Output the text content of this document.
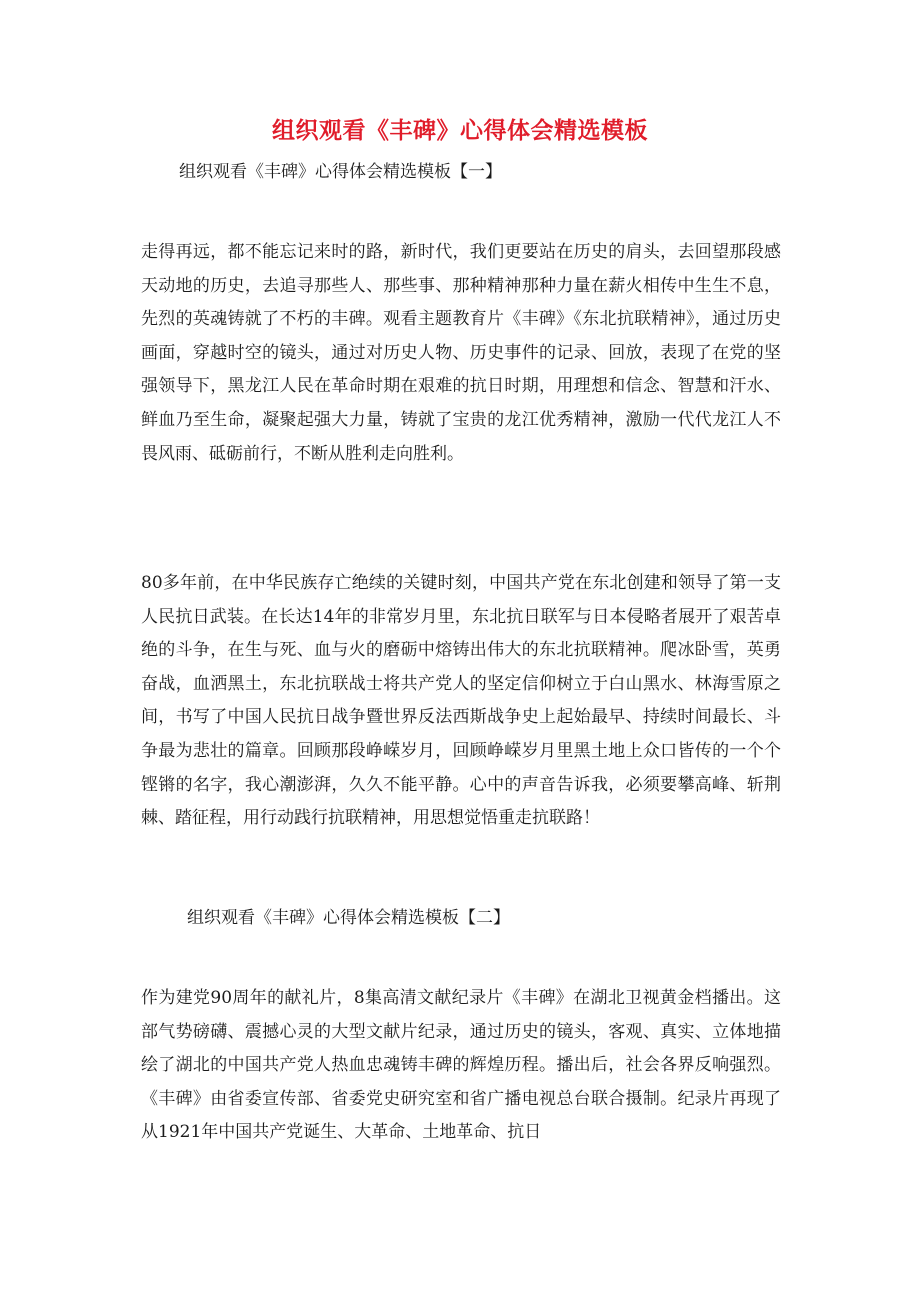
组织观看《丰碑》心得体会精选模板
组织观看《丰碑》心得体会精选模板【一】
走得再远，都不能忘记来时的路，新时代，我们更要站在历史的肩头，去回望那段感天动地的历史，去追寻那些人、那些事、那种精神那种力量在薪火相传中生生不息，先烈的英魂铸就了不朽的丰碑。观看主题教育片《丰碑》《东北抗联精神》，通过历史画面，穿越时空的镜头，通过对历史人物、历史事件的记录、回放，表现了在党的坚强领导下，黑龙江人民在革命时期在艰难的抗日时期，用理想和信念、智慧和汗水、鲜血乃至生命，凝聚起强大力量，铸就了宝贵的龙江优秀精神，激励一代代龙江人不畏风雨、砥砺前行，不断从胜利走向胜利。
80多年前，在中华民族存亡绝续的关键时刻，中国共产党在东北创建和领导了第一支人民抗日武装。在长达14年的非常岁月里，东北抗日联军与日本侵略者展开了艰苦卓绝的斗争，在生与死、血与火的磨砺中熔铸出伟大的东北抗联精神。爬冰卧雪，英勇奋战，血洒黑土，东北抗联战士将共产党人的坚定信仰树立于白山黑水、林海雪原之间，书写了中国人民抗日战争暨世界反法西斯战争史上起始最早、持续时间最长、斗争最为悲壮的篇章。回顾那段峥嵘岁月，回顾峥嵘岁月里黑土地上众口皆传的一个个铿锵的名字，我心潮澎湃，久久不能平静。心中的声音告诉我，必须要攀高峰、斩荆棘、踏征程，用行动践行抗联精神，用思想觉悟重走抗联路！
组织观看《丰碑》心得体会精选模板【二】
作为建党90周年的献礼片，8集高清文献纪录片《丰碑》在湖北卫视黄金档播出。这部气势磅礴、震撼心灵的大型文献片纪录，通过历史的镜头，客观、真实、立体地描绘了湖北的中国共产党人热血忠魂铸丰碑的辉煌历程。播出后，社会各界反响强烈。《丰碑》由省委宣传部、省委党史研究室和省广播电视总台联合摄制。纪录片再现了从1921年中国共产党诞生、大革命、土地革命、抗日
